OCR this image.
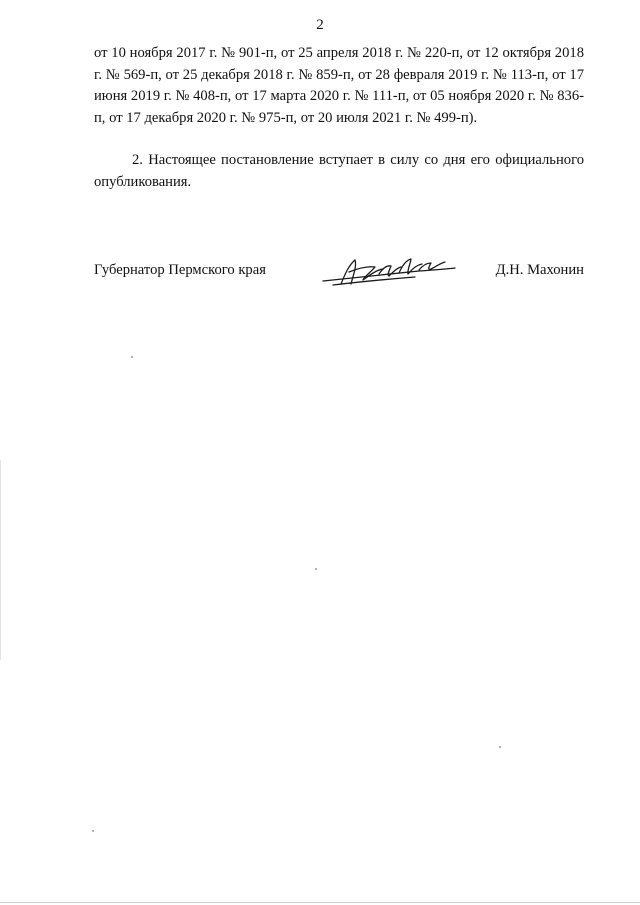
2
от 10 ноября 2017 г. № 901-п, от 25 апреля 2018 г. № 220-п, от 12 октября 2018 г. № 569-п, от 25 декабря 2018 г. № 859-п, от 28 февраля 2019 г. № 113-п, от 17 июня 2019 г. № 408-п, от 17 марта 2020 г. № 111-п, от 05 ноября 2020 г. № 836-п, от 17 декабря 2020 г. № 975-п, от 20 июля 2021 г. № 499-п).
2. Настоящее постановление вступает в силу со дня его официального опубликования.
Губернатор Пермского края	Д.Н. Махонин
